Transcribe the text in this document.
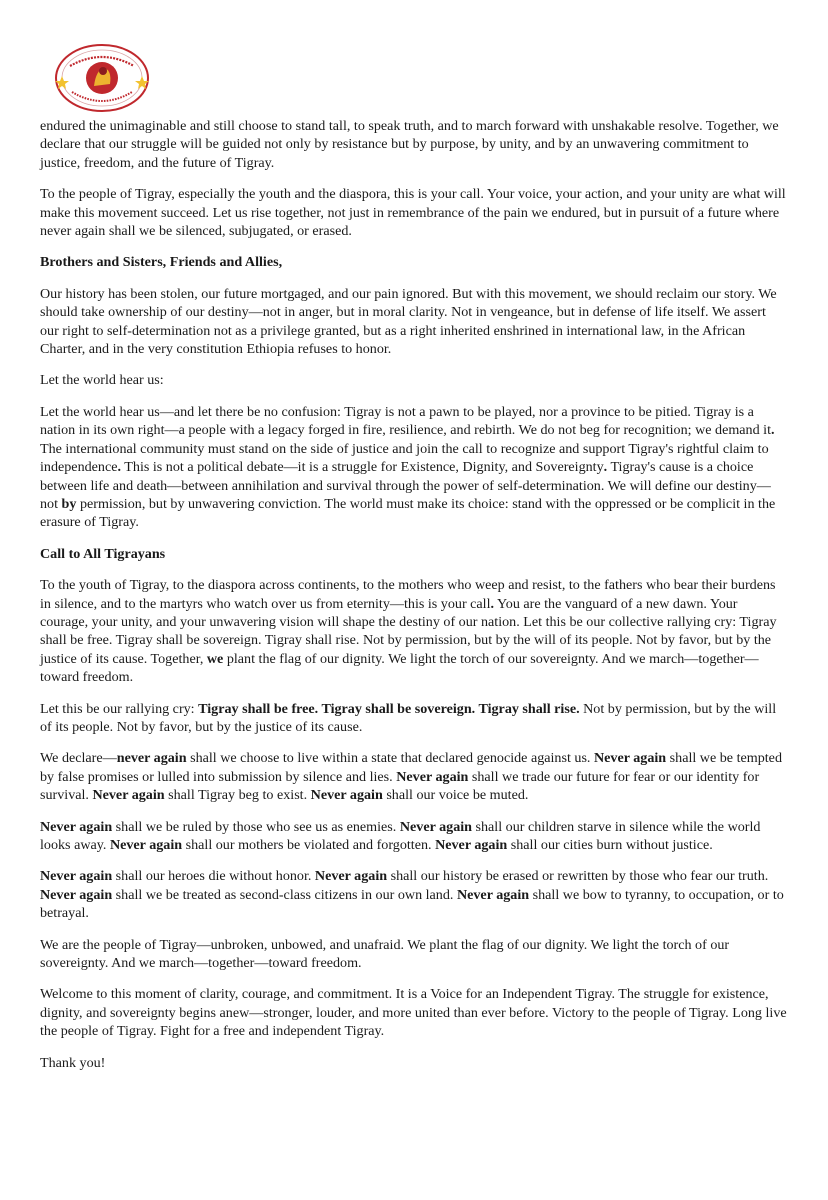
endured the unimaginable and still choose to stand tall, to speak truth, and to march forward with unshakable resolve. Together, we declare that our struggle will be guided not only by resistance but by purpose, by unity, and by an unwavering commitment to justice, freedom, and the future of Tigray.

To the people of Tigray, especially the youth and the diaspora, this is your call. Your voice, your action, and your unity are what will make this movement succeed. Let us rise together, not just in remembrance of the pain we endured, but in pursuit of a future where never again shall we be silenced, subjugated, or erased.

Brothers and Sisters, Friends and Allies,

Our history has been stolen, our future mortgaged, and our pain ignored. But with this movement, we should reclaim our story. We should take ownership of our destiny—not in anger, but in moral clarity. Not in vengeance, but in defense of life itself. We assert our right to self-determination not as a privilege granted, but as a right inherited enshrined in international law, in the African Charter, and in the very constitution Ethiopia refuses to honor.

Let the world hear us:

Let the world hear us—and let there be no confusion: Tigray is not a pawn to be played, nor a province to be pitied. Tigray is a nation in its own right—a people with a legacy forged in fire, resilience, and rebirth. We do not beg for recognition; we demand it. The international community must stand on the side of justice and join the call to recognize and support Tigray's rightful claim to independence. This is not a political debate—it is a struggle for Existence, Dignity, and Sovereignty. Tigray's cause is a choice between life and death—between annihilation and survival through the power of self-determination. We will define our destiny—not by permission, but by unwavering conviction. The world must make its choice: stand with the oppressed or be complicit in the erasure of Tigray.

Call to All Tigrayans

To the youth of Tigray, to the diaspora across continents, to the mothers who weep and resist, to the fathers who bear their burdens in silence, and to the martyrs who watch over us from eternity—this is your call. You are the vanguard of a new dawn. Your courage, your unity, and your unwavering vision will shape the destiny of our nation. Let this be our collective rallying cry: Tigray shall be free. Tigray shall be sovereign. Tigray shall rise. Not by permission, but by the will of its people. Not by favor, but by the justice of its cause. Together, we plant the flag of our dignity. We light the torch of our sovereignty. And we march—together—toward freedom.

Let this be our rallying cry: Tigray shall be free. Tigray shall be sovereign. Tigray shall rise. Not by permission, but by the will of its people. Not by favor, but by the justice of its cause.

We declare—never again shall we choose to live within a state that declared genocide against us. Never again shall we be tempted by false promises or lulled into submission by silence and lies. Never again shall we trade our future for fear or our identity for survival. Never again shall Tigray beg to exist. Never again shall our voice be muted.

Never again shall we be ruled by those who see us as enemies. Never again shall our children starve in silence while the world looks away. Never again shall our mothers be violated and forgotten. Never again shall our cities burn without justice.

Never again shall our heroes die without honor. Never again shall our history be erased or rewritten by those who fear our truth. Never again shall we be treated as second-class citizens in our own land. Never again shall we bow to tyranny, to occupation, or to betrayal.

We are the people of Tigray—unbroken, unbowed, and unafraid. We plant the flag of our dignity. We light the torch of our sovereignty. And we march—together—toward freedom.

Welcome to this moment of clarity, courage, and commitment. It is a Voice for an Independent Tigray. The struggle for existence, dignity, and sovereignty begins anew—stronger, louder, and more united than ever before. Victory to the people of Tigray. Long live the people of Tigray. Fight for a free and independent Tigray.

Thank you!
